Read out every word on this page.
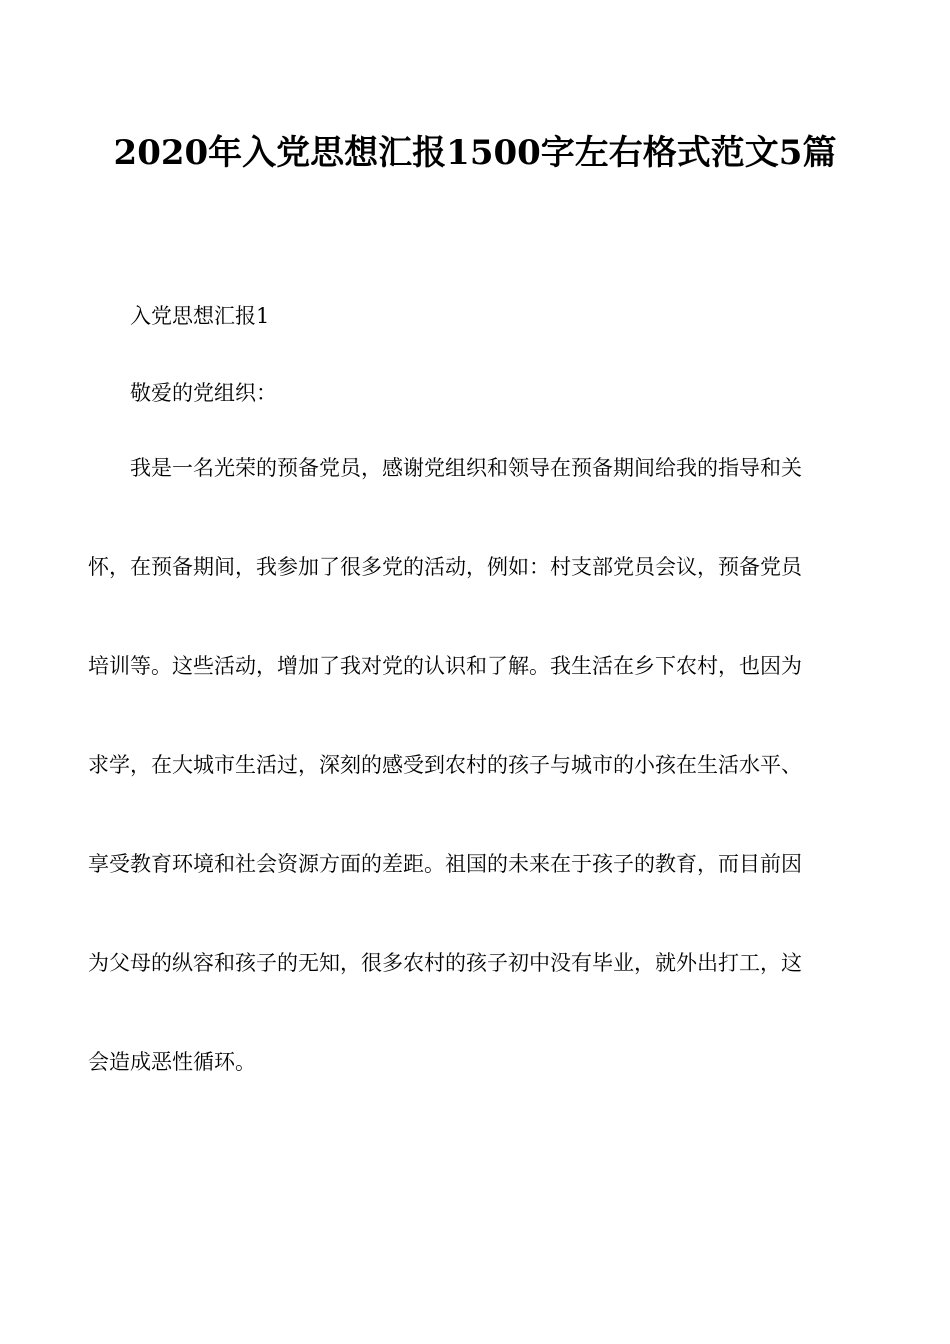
2020年入党思想汇报1500字左右格式范文5篇

入党思想汇报1

敬爱的党组织：

我是一名光荣的预备党员，感谢党组织和领导在预备期间给我的指导和关

怀，在预备期间，我参加了很多党的活动，例如：村支部党员会议，预备党员

培训等。这些活动，增加了我对党的认识和了解。我生活在乡下农村，也因为

求学，在大城市生活过，深刻的感受到农村的孩子与城市的小孩在生活水平、

享受教育环境和社会资源方面的差距。祖国的未来在于孩子的教育，而目前因

为父母的纵容和孩子的无知，很多农村的孩子初中没有毕业，就外出打工，这

会造成恶性循环。
